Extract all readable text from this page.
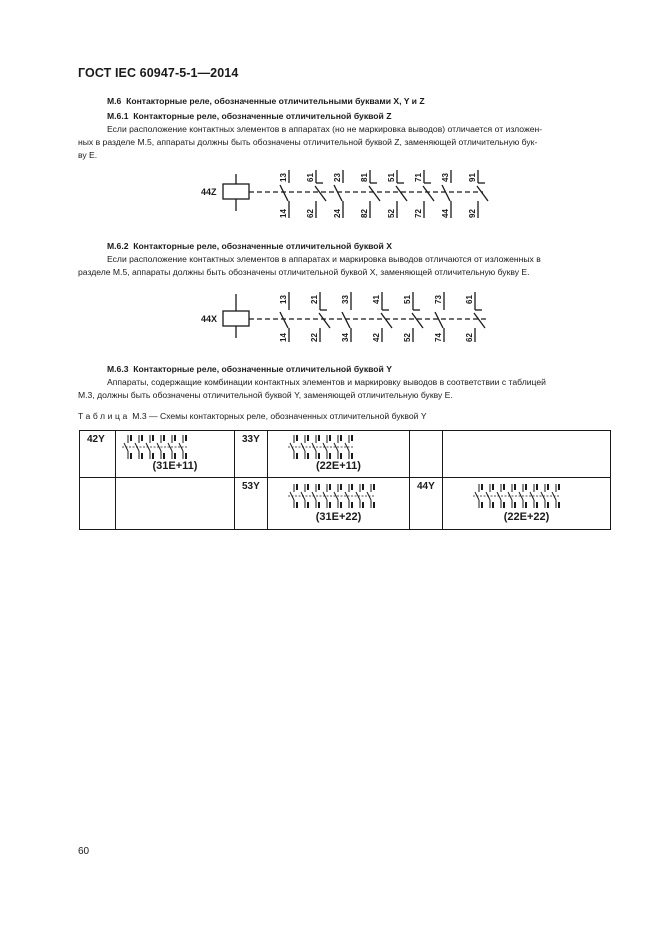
ГОСТ IEC 60947-5-1—2014
M.6 Контакторные реле, обозначенные отличительными буквами X, Y и Z
M.6.1 Контакторные реле, обозначенные отличительной буквой Z
Если расположение контактных элементов в аппаратах (но не маркировка выводов) отличается от изложен-
ных в разделе M.5, аппараты должны быть обозначены отличительной буквой Z, заменяющей отличительную бук-
ву E.
44Z
13
14
61
62
23
24
81
82
51
52
71
72
43
44
91
92
M.6.2 Контакторные реле, обозначенные отличительной буквой X
Если расположение контактных элементов в аппаратах и маркировка выводов отличаются от изложенных в
разделе M.5, аппараты должны быть обозначены отличительной буквой X, заменяющей отличительную букву E.
44X
13
14
21
22
33
34
41
42
51
52
73
74
61
62
M.6.3 Контакторные реле, обозначенные отличительной буквой Y
Аппараты, содержащие комбинации контактных элементов и маркировку выводов в соответствии с таблицей
M.3, должны быть обозначены отличительной буквой Y, заменяющей отличительную букву E.
Таблица M.3 — Схемы контакторных реле, обозначенных отличительной буквой Y
42Y	(31E+11)	33Y	(22E+11)		

		53Y	(31E+22)	44Y	(22E+22)
60
